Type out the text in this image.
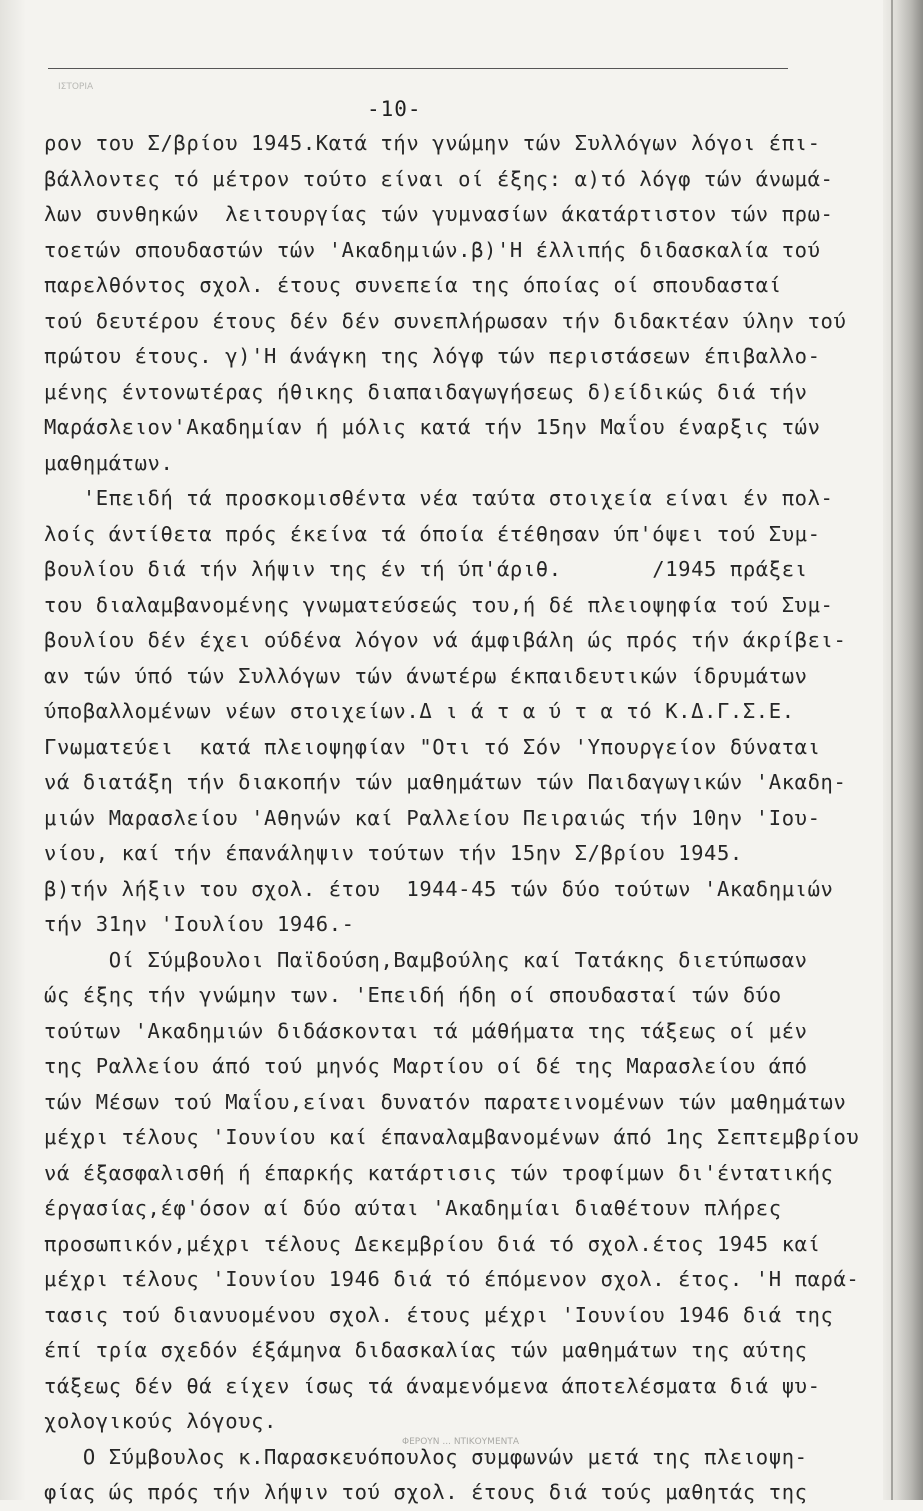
ΙΣΤΟΡΙΑ
-10-
ρον του Σ/βρίου 1945.Κατά τήν γνώμην τών Συλλόγων λόγοι έπι-
βάλλοντες τό μέτρον τούτο είναι οί έξης: α)τό λόγφ τών άνωμά-
λων συνθηκών  λειτουργίας τών γυμνασίων άκατάρτιστον τών πρω-
τοετών σπουδαστών τών 'Ακαδημιών.β)'Η έλλιπής διδασκαλία τού
παρελθόντος σχολ. έτους συνεπεία της όποίας οί σπουδασταί
τού δευτέρου έτους δέν δέν συνεπλήρωσαν τήν διδακτέαν ύλην τού
πρώτου έτους. γ)'Η άνάγκη της λόγφ τών περιστάσεων έπιβαλλο-
μένης έντονωτέρας ήθικης διαπαιδαγωγήσεως δ)είδικώς διά τήν
Μαράσλειον'Ακαδημίαν ή μόλις κατά τήν 15ην Μαΐου έναρξις τών
μαθημάτων.
'Επειδή τά προσκομισθέντα νέα ταύτα στοιχεία είναι έν πολ-
λοίς άντίθετα πρός έκείνα τά όποία έτέθησαν ύπ'όψει τού Συμ-
βουλίου διά τήν λήψιν της έν τή ύπ'άριθ.       /1945 πράξει
του διαλαμβανομένης γνωματεύσεώς του,ή δέ πλειοψηφία τού Συμ-
βουλίου δέν έχει ούδένα λόγον νά άμφιβάλη ώς πρός τήν άκρίβει-
αν τών ύπό τών Συλλόγων τών άνωτέρω έκπαιδευτικών ίδρυμάτων
ύποβαλλομένων νέων στοιχείων.Δ ι ά τ α ύ τ α τό Κ.Δ.Γ.Σ.Ε.
Γνωματεύει  κατά πλειοψηφίαν "Οτι τό Σόν 'Υπουργείον δύναται
νά διατάξη τήν διακοπήν τών μαθημάτων τών Παιδαγωγικών 'Ακαδη-
μιών Μαρασλείου 'Αθηνών καί Ραλλείου Πειραιώς τήν 10ην 'Ιου-
νίου, καί τήν έπανάληψιν τούτων τήν 15ην Σ/βρίου 1945.
β)τήν λήξιν του σχολ. έτου  1944-45 τών δύο τούτων 'Ακαδημιών
τήν 31ην 'Ιουλίου 1946.-
Οί Σύμβουλοι Παϊδούση,Βαμβούλης καί Τατάκης διετύπωσαν
ώς έξης τήν γνώμην των. 'Επειδή ήδη οί σπουδασταί τών δύο
τούτων 'Ακαδημιών διδάσκονται τά μάθήματα της τάξεως οί μέν
της Ραλλείου άπό τού μηνός Μαρτίου οί δέ της Μαρασλείου άπό
τών Μέσων τού Μαΐου,είναι δυνατόν παρατεινομένων τών μαθημάτων
μέχρι τέλους 'Ιουνίου καί έπαναλαμβανομένων άπό 1ης Σεπτεμβρίου
νά έξασφαλισθή ή έπαρκής κατάρτισις τών τροφίμων δι'έντατικής
έργασίας,έφ'όσον αί δύο αύται 'Ακαδημίαι διαθέτουν πλήρες
προσωπικόν,μέχρι τέλους Δεκεμβρίου διά τό σχολ.έτος 1945 καί
μέχρι τέλους 'Ιουνίου 1946 διά τό έπόμενον σχολ. έτος. 'Η παρά-
τασις τού διανυομένου σχολ. έτους μέχρι 'Ιουνίου 1946 διά της
έπί τρία σχεδόν έξάμηνα διδασκαλίας τών μαθημάτων της αύτης
τάξεως δέν θά είχεν ίσως τά άναμενόμενα άποτελέσματα διά ψυ-
χολογικούς λόγους.
Ο Σύμβουλος κ.Παρασκευόπουλος συμφωνών μετά της πλειοψη-
φίας ώς πρός τήν λήψιν τού σχολ. έτους διά τούς μαθητάς της
ΦΕΡΟΥΝ ... ΝΤΙΚΟΥΜΕΝΤΑ
